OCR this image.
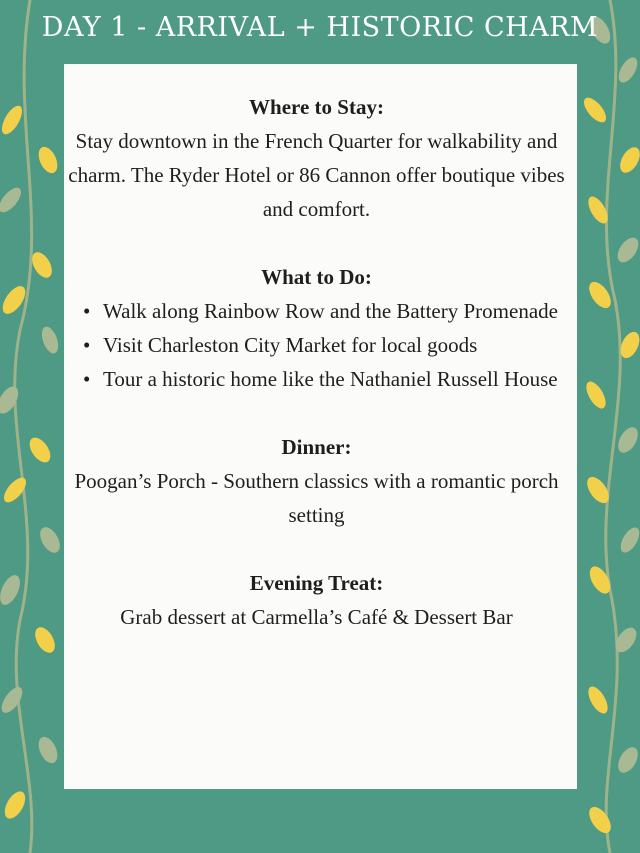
DAY 1 - ARRIVAL + HISTORIC CHARM
Where to Stay:

Stay downtown in the French Quarter for walkability and charm. The Ryder Hotel or 86 Cannon offer boutique vibes and comfort.

What to Do:
• Walk along Rainbow Row and the Battery Promenade
• Visit Charleston City Market for local goods
• Tour a historic home like the Nathaniel Russell House
Dinner:

Poogan’s Porch - Southern classics with a romantic porch setting

Evening Treat:

Grab dessert at Carmella’s Café & Dessert Bar
